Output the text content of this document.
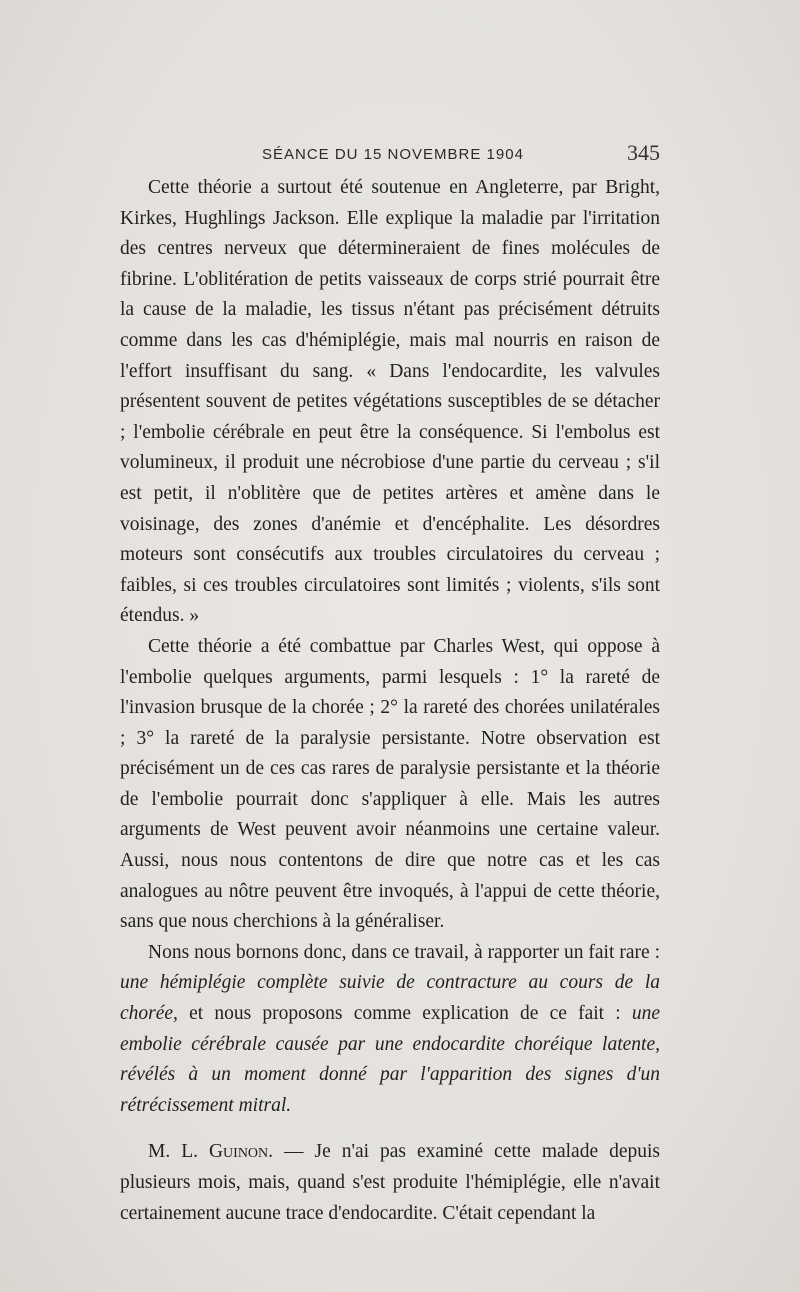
SÉANCE DU 15 NOVEMBRE 1904	345

Cette théorie a surtout été soutenue en Angleterre, par Bright, Kirkes, Hughlings Jackson. Elle explique la maladie par l'irritation des centres nerveux que détermineraient de fines molécules de fibrine. L'oblitération de petits vaisseaux de corps strié pourrait être la cause de la maladie, les tissus n'étant pas précisément détruits comme dans les cas d'hémiplégie, mais mal nourris en raison de l'effort insuffisant du sang. « Dans l'endocardite, les valvules présentent souvent de petites végétations susceptibles de se détacher ; l'embolie cérébrale en peut être la conséquence. Si l'embolus est volumineux, il produit une nécrobiose d'une partie du cerveau ; s'il est petit, il n'oblitère que de petites artères et amène dans le voisinage, des zones d'anémie et d'encéphalite. Les désordres moteurs sont consécutifs aux troubles circulatoires du cerveau ; faibles, si ces troubles circulatoires sont limités ; violents, s'ils sont étendus. »

Cette théorie a été combattue par Charles West, qui oppose à l'embolie quelques arguments, parmi lesquels : 1° la rareté de l'invasion brusque de la chorée ; 2° la rareté des chorées unilatérales ; 3° la rareté de la paralysie persistante. Notre observation est précisément un de ces cas rares de paralysie persistante et la théorie de l'embolie pourrait donc s'appliquer à elle. Mais les autres arguments de West peuvent avoir néanmoins une certaine valeur. Aussi, nous nous contentons de dire que notre cas et les cas analogues au nôtre peuvent être invoqués, à l'appui de cette théorie, sans que nous cherchions à la généraliser.

Nons nous bornons donc, dans ce travail, à rapporter un fait rare : une hémiplégie complète suivie de contracture au cours de la chorée, et nous proposons comme explication de ce fait : une embolie cérébrale causée par une endocardite choréique latente, révélés à un moment donné par l'apparition des signes d'un rétrécissement mitral.

M. L. Guinon. — Je n'ai pas examiné cette malade depuis plusieurs mois, mais, quand s'est produite l'hémiplégie, elle n'avait certainement aucune trace d'endocardite. C'était cependant la
